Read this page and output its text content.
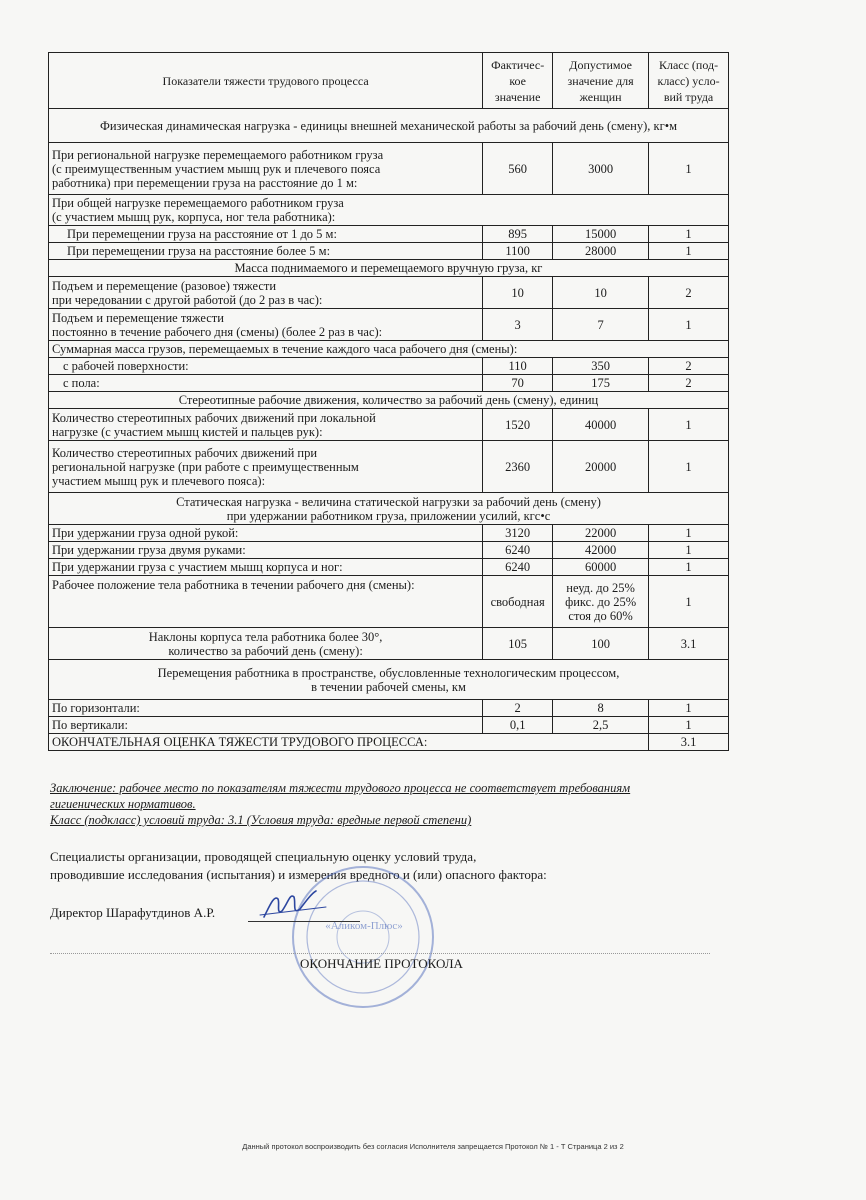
Показатели тяжести трудового процесса	Фактичес-кое значение	Допустимое значение для женщин	Класс (под-класс) усло-вий труда
Физическая динамическая нагрузка - единицы внешней механической работы за рабочий день (смену), кг•м			

При региональной нагрузке перемещаемого работником груза
(с преимущественным участием мышц рук и плечевого пояса
работника) при перемещении груза на расстояние до 1 м:	560	3000	1

При общей нагрузке перемещаемого работником груза
(с участием мышц рук, корпуса, ног тела работника):			

При перемещении груза на расстояние от 1 до 5 м:	895	15000	1
При перемещении груза на расстояние более 5 м:	1100	28000	1
Масса поднимаемого и перемещаемого вручную груза, кг			

Подъем и перемещение (разовое) тяжести
при чередовании с другой работой (до 2 раз в час):	10	10	2

Подъем и перемещение тяжести
постоянно в течение рабочего дня (смены) (более 2 раз в час):	3	7	1
Суммарная масса грузов, перемещаемых в течение каждого часа рабочего дня (смены):			
с рабочей поверхности:	110	350	2
с пола:	70	175	2
Стереотипные рабочие движения, количество за рабочий день (смену), единиц			

Количество стереотипных рабочих движений при локальной
нагрузке (с участием мышц кистей и пальцев рук):	1520	40000	1

Количество стереотипных рабочих движений при
региональной нагрузке (при работе с преимущественным
участием мышц рук и плечевого пояса):	2360	20000	1

Статическая нагрузка - величина статической нагрузки за рабочий день (смену)
при удержании работником груза, приложении усилий, кгс•с			

При удержании груза одной рукой:	3120	22000	1
При удержании груза двумя руками:	6240	42000	1
При удержании груза с участием мышц корпуса и ног:	6240	60000	1
Рабочее положение тела работника в течении рабочего дня (смены):	свободная	неуд. до 25%
фикс. до 25%
стоя до 60%	1

Наклоны корпуса тела работника более 30°,
количество за рабочий день (смену):	105	100	3.1

Перемещения работника в пространстве, обусловленные технологическим процессом,
в течении рабочей смены, км			

По горизонтали:	2	8	1
По вертикали:	0,1	2,5	1
ОКОНЧАТЕЛЬНАЯ ОЦЕНКА ТЯЖЕСТИ ТРУДОВОГО ПРОЦЕССА:			3.1

Заключение: рабочее место по показателям тяжести трудового процесса не соответствует требованиям

гигиенических нормативов.

Класс (подкласс) условий труда: 3.1 (Условия труда: вредные первой степени)

Специалисты организации, проводящей специальную оценку условий труда,

проводившие исследования (испытания) и измерения вредного и (или) опасного фактора:

«Аликом-Плюс»
Директор Шарафутдинов А.Р.
ОКОНЧАНИЕ ПРОТОКОЛА
Данный протокол воспроизводить без согласия Исполнителя запрещается Протокол № 1 - Т Страница 2 из 2
